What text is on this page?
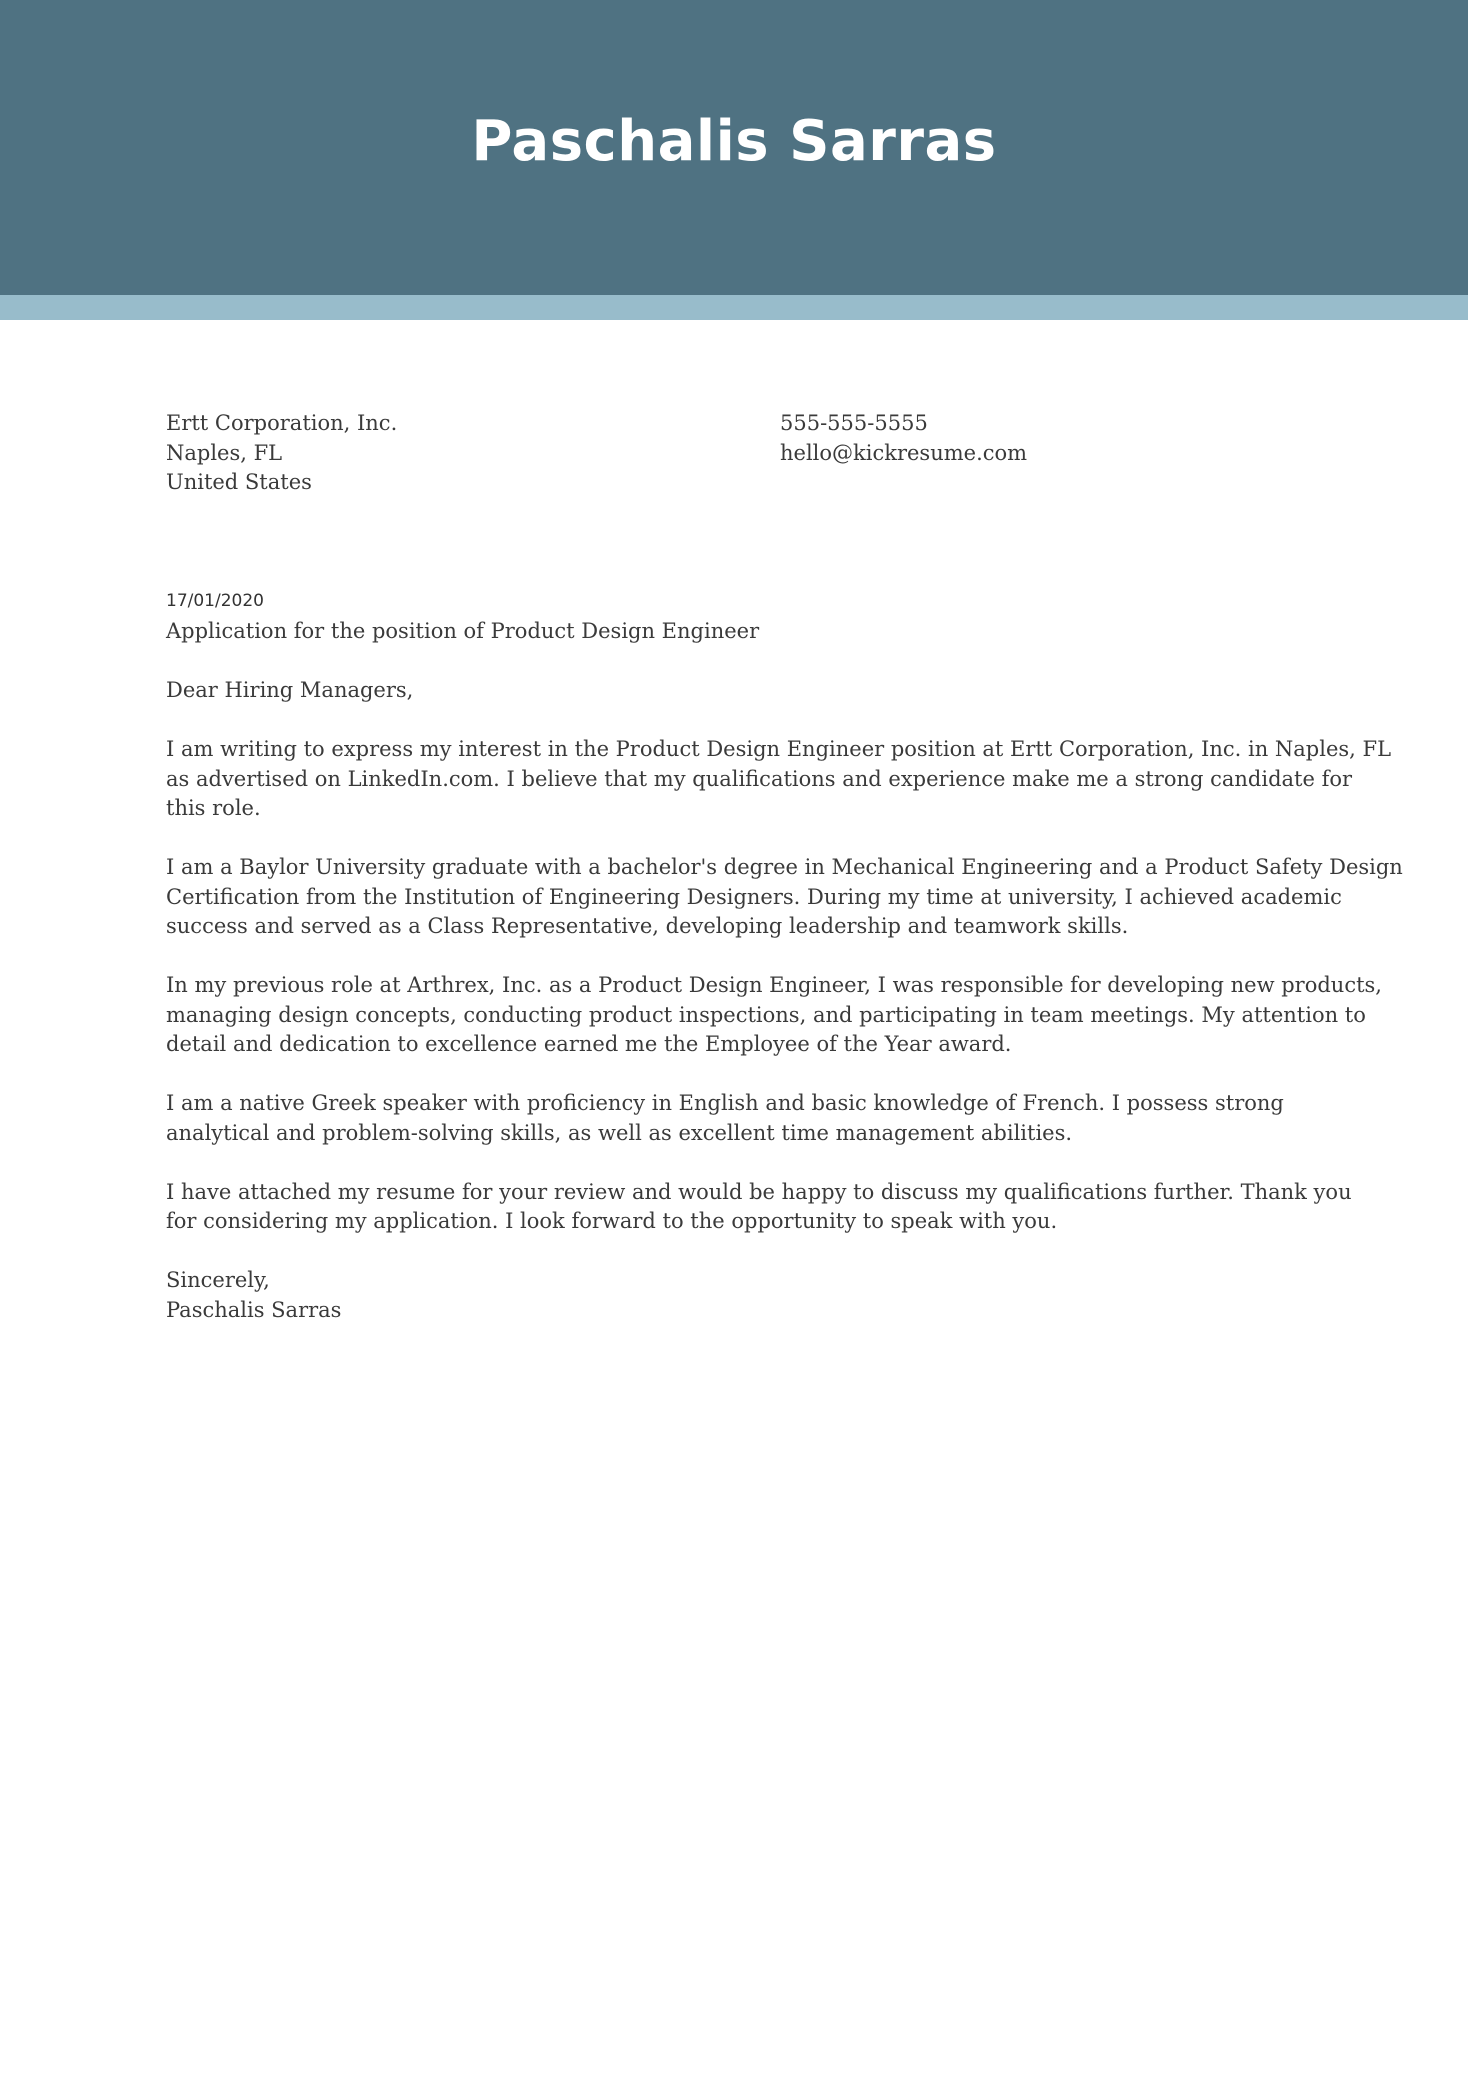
Paschalis Sarras
Ertt Corporation, Inc.
Naples, FL
United States
555-555-5555
hello@kickresume.com
17/01/2020

Application for the position of Product Design Engineer

Dear Hiring Managers,

I am writing to express my interest in the Product Design Engineer position at Ertt Corporation, Inc. in Naples, FL
as advertised on LinkedIn.com. I believe that my qualifications and experience make me a strong candidate for
this role.

I am a Baylor University graduate with a bachelor's degree in Mechanical Engineering and a Product Safety Design
Certification from the Institution of Engineering Designers. During my time at university, I achieved academic
success and served as a Class Representative, developing leadership and teamwork skills.

In my previous role at Arthrex, Inc. as a Product Design Engineer, I was responsible for developing new products,
managing design concepts, conducting product inspections, and participating in team meetings. My attention to
detail and dedication to excellence earned me the Employee of the Year award.

I am a native Greek speaker with proficiency in English and basic knowledge of French. I possess strong
analytical and problem-solving skills, as well as excellent time management abilities.

I have attached my resume for your review and would be happy to discuss my qualifications further. Thank you
for considering my application. I look forward to the opportunity to speak with you.

Sincerely,
Paschalis Sarras
